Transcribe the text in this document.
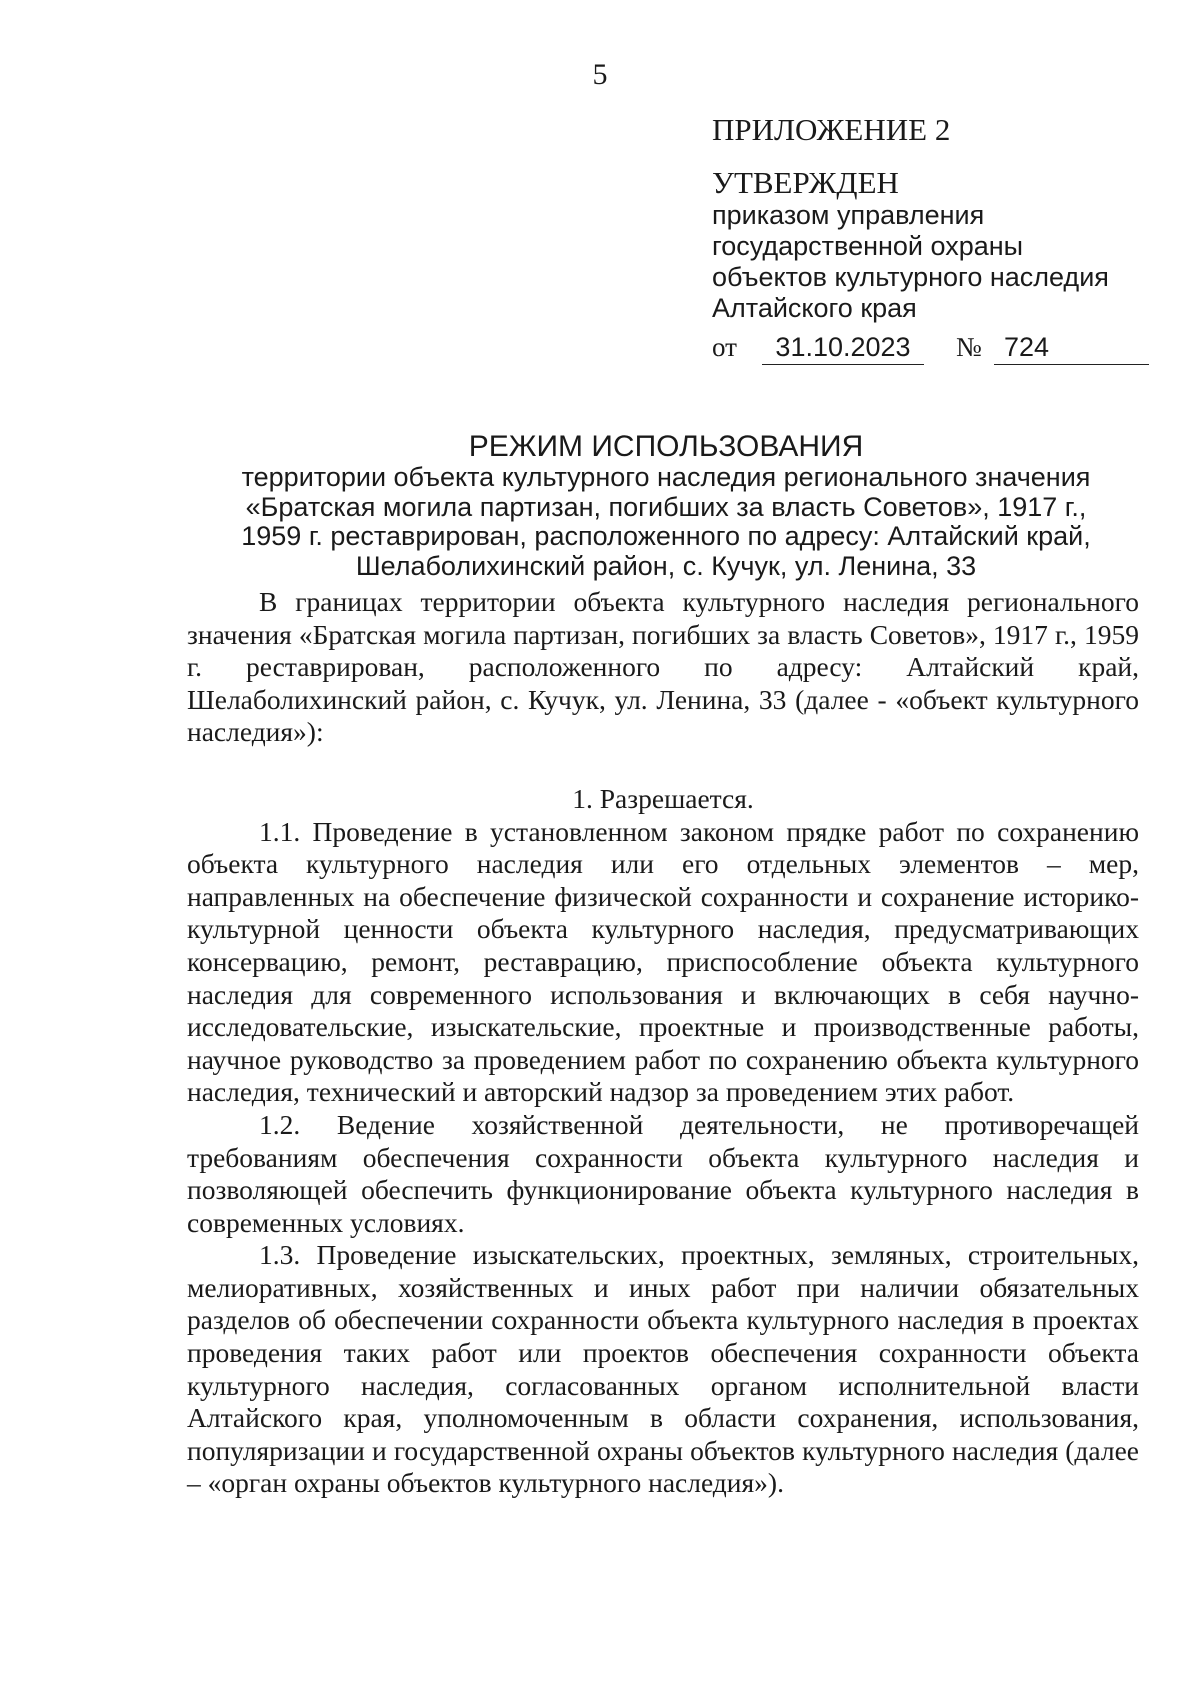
5
ПРИЛОЖЕНИЕ 2
УТВЕРЖДЕН
приказом управления
государственной охраны
объектов культурного наследия
Алтайского края
от	31.10.2023	№ 724
РЕЖИМ ИСПОЛЬЗОВАНИЯ
территории объекта культурного наследия регионального значения
«Братская могила партизан, погибших за власть Советов», 1917 г.,
1959 г. реставрирован, расположенного по адресу: Алтайский край,
Шелаболихинский район, с. Кучук, ул. Ленина, 33

В границах территории объекта культурного наследия регионального значения «Братская могила партизан, погибших за власть Советов», 1917 г., 1959 г. реставрирован, расположенного по адресу: Алтайский край, Шелаболихинский район, с. Кучук, ул. Ленина, 33 (далее - «объект культурного наследия»):

1. Разрешается.

1.1. Проведение в установленном законом прядке работ по сохранению объекта культурного наследия или его отдельных элементов – мер, направленных на обеспечение физической сохранности и сохранение историко-культурной ценности объекта культурного наследия, предусматривающих консервацию, ремонт, реставрацию, приспособление объекта культурного наследия для современного использования и включающих в себя научно-исследовательские, изыскательские, проектные и производственные работы, научное руководство за проведением работ по сохранению объекта культурного наследия, технический и авторский надзор за проведением этих работ.

1.2. Ведение хозяйственной деятельности, не противоречащей требованиям обеспечения сохранности объекта культурного наследия и позволяющей обеспечить функционирование объекта культурного наследия в современных условиях.

1.3. Проведение изыскательских, проектных, земляных, строительных, мелиоративных, хозяйственных и иных работ при наличии обязательных разделов об обеспечении сохранности объекта культурного наследия в проектах проведения таких работ или проектов обеспечения сохранности объекта культурного наследия, согласованных органом исполнительной власти Алтайского края, уполномоченным в области сохранения, использования, популяризации и государственной охраны объектов культурного наследия (далее – «орган охраны объектов культурного наследия»).
